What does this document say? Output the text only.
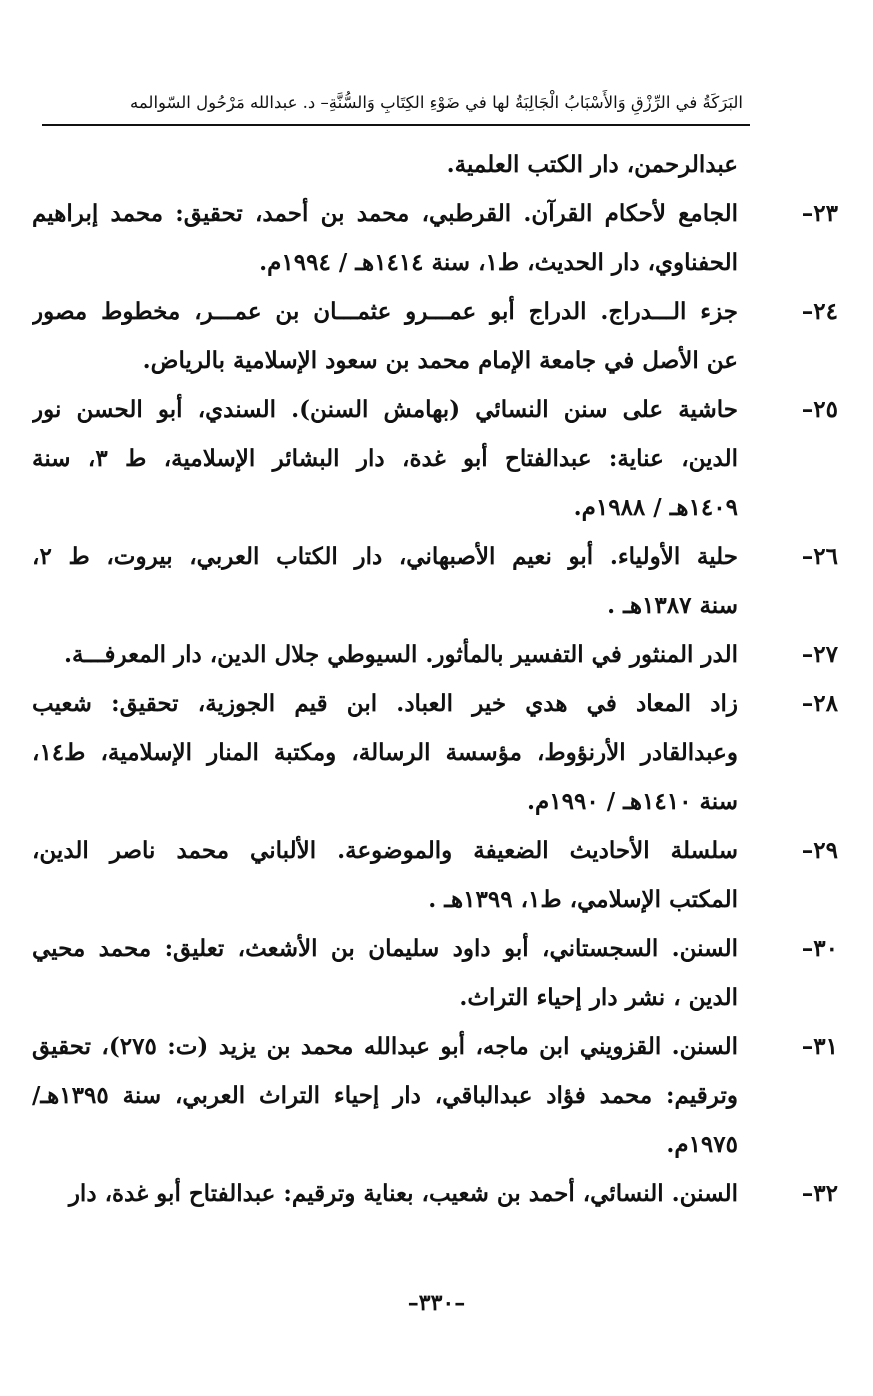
البَرَكَةُ في الرِّزْقِ وَالأَسْبَابُ الْجَالِبَةُ لها في ضَوْءِ الكِتَابِ وَالسُّنَّةِ– د. عبدالله مَرْحُول السّوالمه
عبدالرحمن، دار الكتب العلمية.
٢٣–
الجامع لأحكام القرآن. القرطبي، محمد بن أحمد، تحقيق: محمد إبراهيم
الحفناوي، دار الحديث، ط١، سنة ١٤١٤هـ / ١٩٩٤م.
٢٤–
جزء الـــدراج. الدراج أبو عمـــرو عثمـــان بن عمـــر، مخطوط مصور
عن الأصل في جامعة الإمام محمد بن سعود الإسلامية بالرياض.
٢٥–
حاشية على سنن النسائي (بهامش السنن). السندي، أبو الحسن نور
الدين، عناية: عبدالفتاح أبو غدة، دار البشائر الإسلامية، ط ٣، سنة
١٤٠٩هـ / ١٩٨٨م.
٢٦–
حلية الأولياء. أبو نعيم الأصبهاني، دار الكتاب العربي، بيروت، ط ٢،
سنة ١٣٨٧هـ .
٢٧–
الدر المنثور في التفسير بالمأثور. السيوطي جلال الدين، دار المعرفـــة.
٢٨–
زاد المعاد في هدي خير العباد. ابن قيم الجوزية، تحقيق: شعيب
وعبدالقادر الأرنؤوط، مؤسسة الرسالة، ومكتبة المنار الإسلامية، ط١٤،
سنة ١٤١٠هـ / ١٩٩٠م.
٢٩–
سلسلة الأحاديث الضعيفة والموضوعة. الألباني محمد ناصر الدين،
المكتب الإسلامي، ط١، ١٣٩٩هـ .
٣٠–
السنن. السجستاني، أبو داود سليمان بن الأشعث، تعليق: محمد محيي
الدين ، نشر دار إحياء التراث.
٣١–
السنن. القزويني ابن ماجه، أبو عبدالله محمد بن يزيد (ت: ٢٧٥)، تحقيق
وترقيم: محمد فؤاد عبدالباقي، دار إحياء التراث العربي، سنة ١٣٩٥هـ/
١٩٧٥م.
٣٢–
السنن. النسائي، أحمد بن شعيب، بعناية وترقيم: عبدالفتاح أبو غدة، دار
–٣٣٠–
